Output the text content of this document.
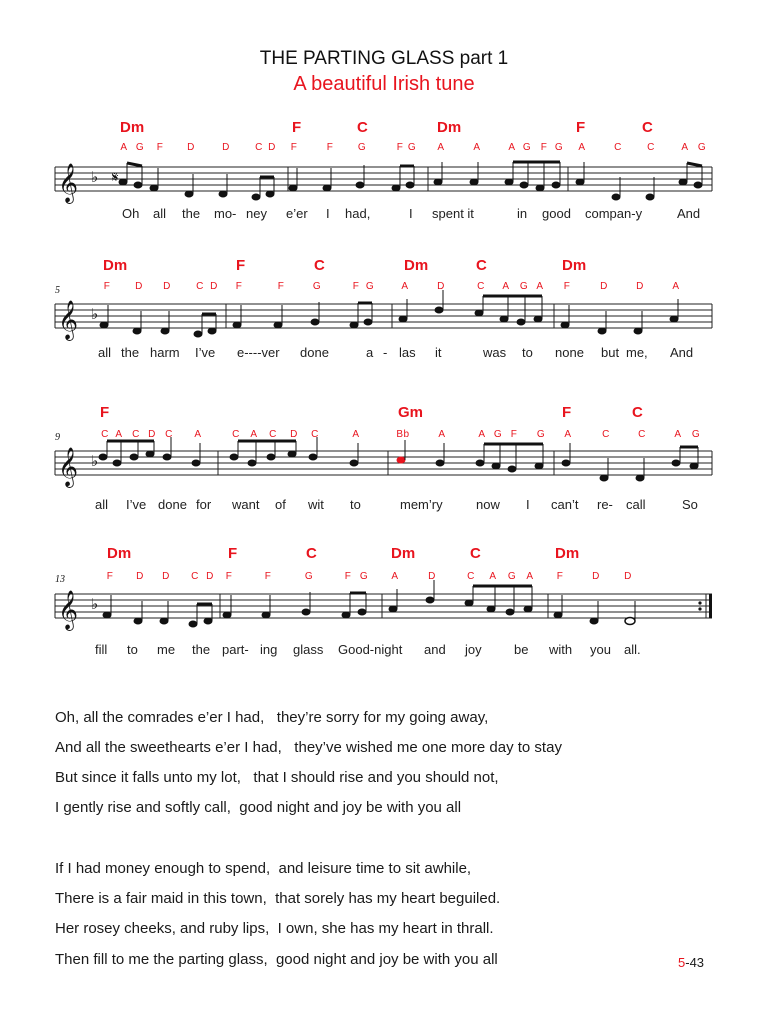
THE PARTING GLASS part 1
A beautiful Irish tune
Dm	F	C	Dm	F	C
A G F D	D	C D F	F G	F G A	A	A G F G A	C	C	A G
𝄞 ♭ 𝄋
Oh all the mo- ney e’er I had,	I spent it	in good compan-y	And
5
Dm	F	C	Dm	C	Dm
F D D	C D F	F	G	F G	A	D	C A G A F	D	D	A
𝄞 ♭
all the harm I’ve e----ver done	a - las it	was to none but me, And
9
F	Gm	F	C
C A C D C A	C A C D C	A	Bb	A	A G F G A	C	C	A G
𝄞 ♭
all I’ve done for want of wit to	mem’ry	now I can’t re- call	So
13
Dm	F	C	Dm	C	Dm
F D D C D F	F	G	F G A	D	C A G A F	D D
𝄞 ♭
fill to me the part- ing glass Good-night and joy be with you all.
Oh, all the comrades e’er I had,   they’re sorry for my going away,
And all the sweethearts e’er I had,   they’ve wished me one more day to stay
But since it falls unto my lot,   that I should rise and you should not,
I gently rise and softly call,  good night and joy be with you all
If I had money enough to spend,  and leisure time to sit awhile,
There is a fair maid in this town,  that sorely has my heart beguiled.
Her rosey cheeks, and ruby lips,  I own, she has my heart in thrall.
Then fill to me the parting glass,  good night and joy be with you all	5-43
